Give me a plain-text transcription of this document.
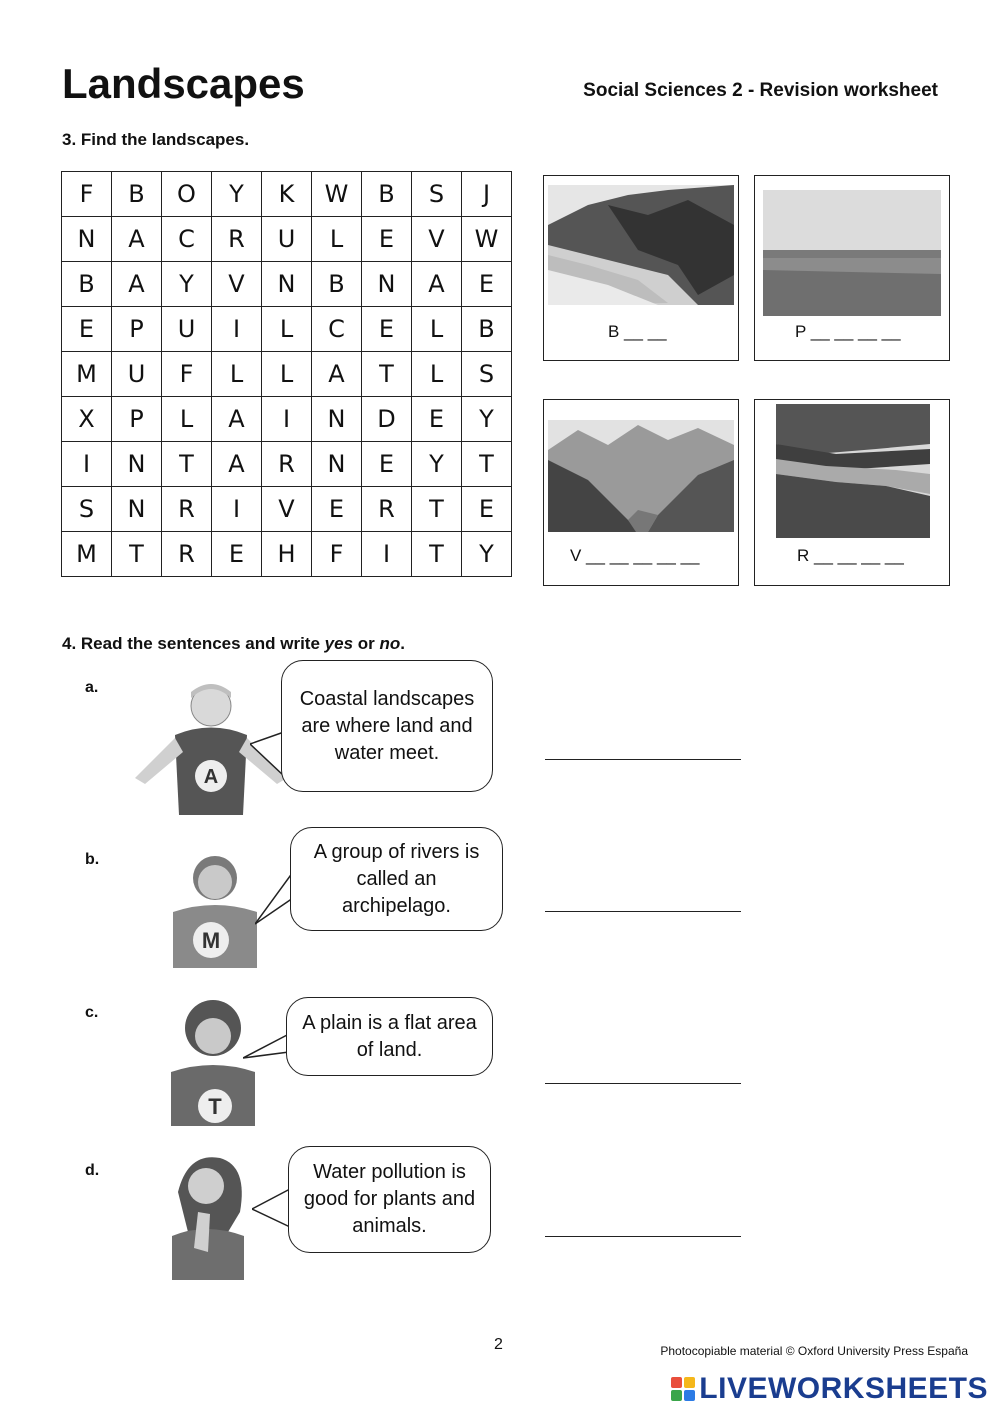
Landscapes	Social Sciences 2 - Revision worksheet
3. Find the landscapes.
F	B	O	Y	K	W	B	S	J
N	A	C	R	U	L	E	V	W
B	A	Y	V	N	B	N	A	E
E	P	U	I	L	C	E	L	B
M	U	F	L	L	A	T	L	S
X	P	L	A	I	N	D	E	Y
I	N	T	A	R	N	E	Y	T
S	N	R	I	V	E	R	T	E
M	T	R	E	H	F	I	T	Y
B __ __	P __ __ __ __
V __ __ __ __ __	R __ __ __ __
4. Read the sentences and write yes or no.
a.
A
Coastal landscapes are where land and water meet.
b.
M
A group of rivers is called an archipelago.
c.
T
A plain is a flat area of land.
d.	Water pollution is good for plants and animals.
2	Photocopiable material © Oxford University Press España
LIVEWORKSHEETS
